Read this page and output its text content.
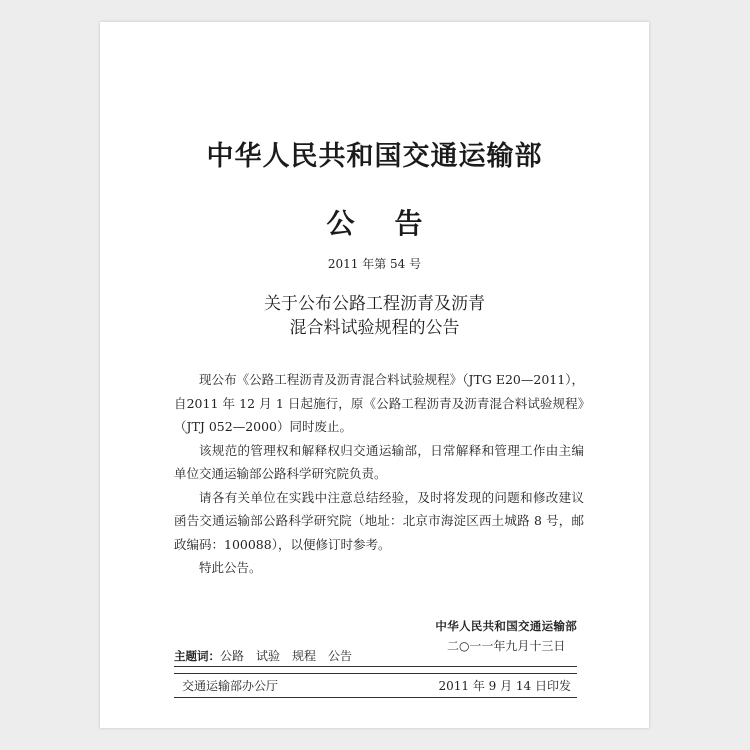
中华人民共和国交通运输部
公告
2011 年第 54 号
关于公布公路工程沥青及沥青
混合料试验规程的公告

现公布《公路工程沥青及沥青混合料试验规程》（JTG E20—2011），自2011 年 12 月 1 日起施行，原《公路工程沥青及沥青混合料试验规程》（JTJ 052—2000）同时废止。

该规范的管理权和解释权归交通运输部，日常解释和管理工作由主编单位交通运输部公路科学研究院负责。

请各有关单位在实践中注意总结经验，及时将发现的问题和修改建议函告交通运输部公路科学研究院（地址：北京市海淀区西土城路 8 号，邮政编码：100088），以便修订时参考。

特此公告。

中华人民共和国交通运输部
二○一一年九月十三日
主题词：公路　试验　规程　公告
交通运输部办公厅	2011 年 9 月 14 日印发
